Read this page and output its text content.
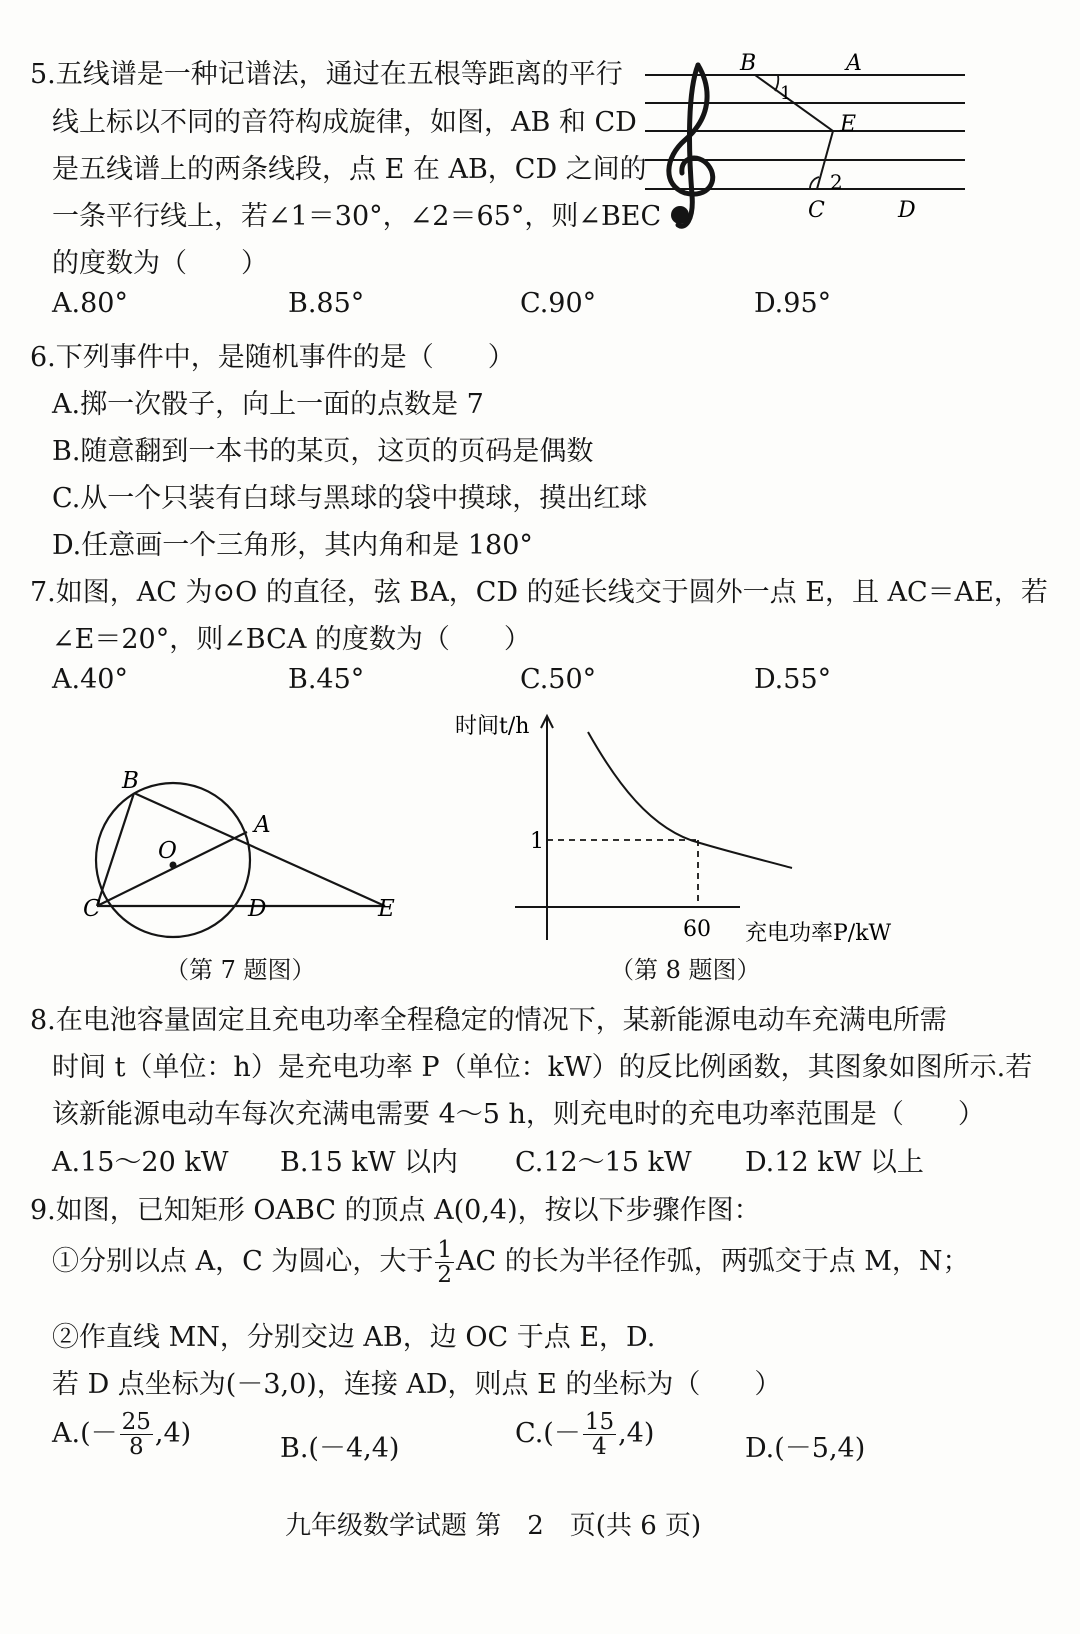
5.五线谱是一种记谱法，通过在五根等距离的平行
线上标以不同的音符构成旋律，如图，AB 和 CD
是五线谱上的两条线段，点 E 在 AB，CD 之间的
一条平行线上，若∠1＝30°，∠2＝65°，则∠BEC
的度数为（　　）
A.80°	B.85°	C.90°	D.95°
B	A
E
1
2
C	D
6.下列事件中，是随机事件的是（　　）
A.掷一次骰子，向上一面的点数是 7
B.随意翻到一本书的某页，这页的页码是偶数
C.从一个只装有白球与黑球的袋中摸球，摸出红球
D.任意画一个三角形，其内角和是 180°
7.如图，AC 为⊙O 的直径，弦 BA，CD 的延长线交于圆外一点 E，且 AC＝AE，若
∠E＝20°，则∠BCA 的度数为（　　）
A.40°	B.45°	C.50°	D.55°
B
A
O
C	D	E
（第 7 题图）
时间t/h
1
60 充电功率P/kW
（第 8 题图）
8.在电池容量固定且充电功率全程稳定的情况下，某新能源电动车充满电所需
时间 t（单位：h）是充电功率 P（单位：kW）的反比例函数，其图象如图所示.若
该新能源电动车每次充满电需要 4～5 h，则充电时的充电功率范围是（　　）
A.15～20 kW B.15 kW 以内 C.12～15 kW D.12 kW 以上
9.如图，已知矩形 OABC 的顶点 A(0,4)，按以下步骤作图：
①分别以点 A，C 为圆心，大于 $\frac{1}{2}$ AC 的长为半径作弧，两弧交于点 M，N；
②作直线 MN，分别交边 AB，边 OC 于点 E，D.
若 D 点坐标为(－3,0)，连接 AD，则点 E 的坐标为（　　）
$A.(- \frac{25}{8} ,4)$	B.(－4,4)	$C.(- \frac{15}{4} ,4)$	D.(－5,4)
九年级数学试题 第　2　页(共 6 页)
